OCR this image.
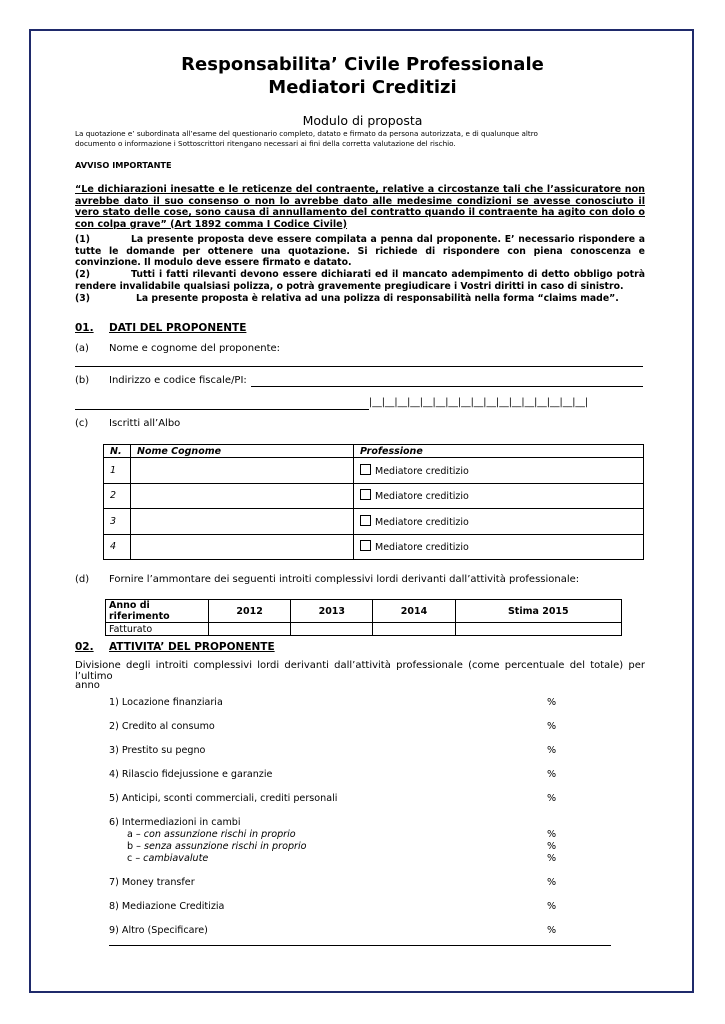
Responsabilita’ Civile Professionale
Mediatori Creditizi
Modulo di proposta
La quotazione e’ subordinata all’esame del questionario completo, datato e firmato da persona autorizzata, e di qualunque altro
documento o informazione i Sottoscrittori ritengano necessari ai fini della corretta valutazione del rischio.
AVVISO IMPORTANTE
“Le dichiarazioni inesatte e le reticenze del contraente, relative a circostanze tali che l’assicuratore non avrebbe dato il suo consenso o non lo avrebbe dato alle medesime condizioni se avesse conosciuto il vero stato delle cose, sono causa di annullamento del contratto quando il contraente ha agito con dolo o con colpa grave” (Art 1892 comma I Codice Civile)
(1)	La presente proposta deve essere compilata a penna dal proponente. E’ necessario rispondere a tutte le domande per ottenere una quotazione. Si richiede di rispondere con piena conoscenza e convinzione. Il modulo deve essere firmato e datato.
(2)	Tutti i fatti rilevanti devono essere dichiarati ed il mancato adempimento di detto obbligo potrà rendere invalidabile qualsiasi polizza, o potrà gravemente pregiudicare i Vostri diritti in caso di sinistro.
(3)	La presente proposta è relativa ad una polizza di responsabilità nella forma “claims made”.
01. DATI DEL PROPONENTE
(a) Nome e cognome del proponente:
(b) Indirizzo e codice fiscale/PI:
|__|__|__|__|__|__|__|__|__|__|__|__|__|__|__|__|__|
(c) Iscritti all’Albo
N.	Nome Cognome	Professione
1		Mediatore creditizio
2		Mediatore creditizio
3		Mediatore creditizio
4		Mediatore creditizio
(d) Fornire l’ammontare dei seguenti introiti complessivi lordi derivanti dall’attività professionale:
Anno di riferimento	2012	2013	2014	Stima 2015
Fatturato				
02. ATTIVITA’ DEL PROPONENTE
Divisione degli introiti complessivi lordi derivanti dall’attività professionale (come percentuale del totale) per l’ultimo
anno
1) Locazione finanziaria	%
2) Credito al consumo	%
3) Prestito su pegno	%
4) Rilascio fidejussione e garanzie	%
5) Anticipi, sconti commerciali, crediti personali	%
6) Intermediazioni in cambi
a – con assunzione rischi in proprio	%
b – senza assunzione rischi in proprio	%
c – cambiavalute	%
7) Money transfer	%
8) Mediazione Creditizia	%
9) Altro (Specificare)	%
